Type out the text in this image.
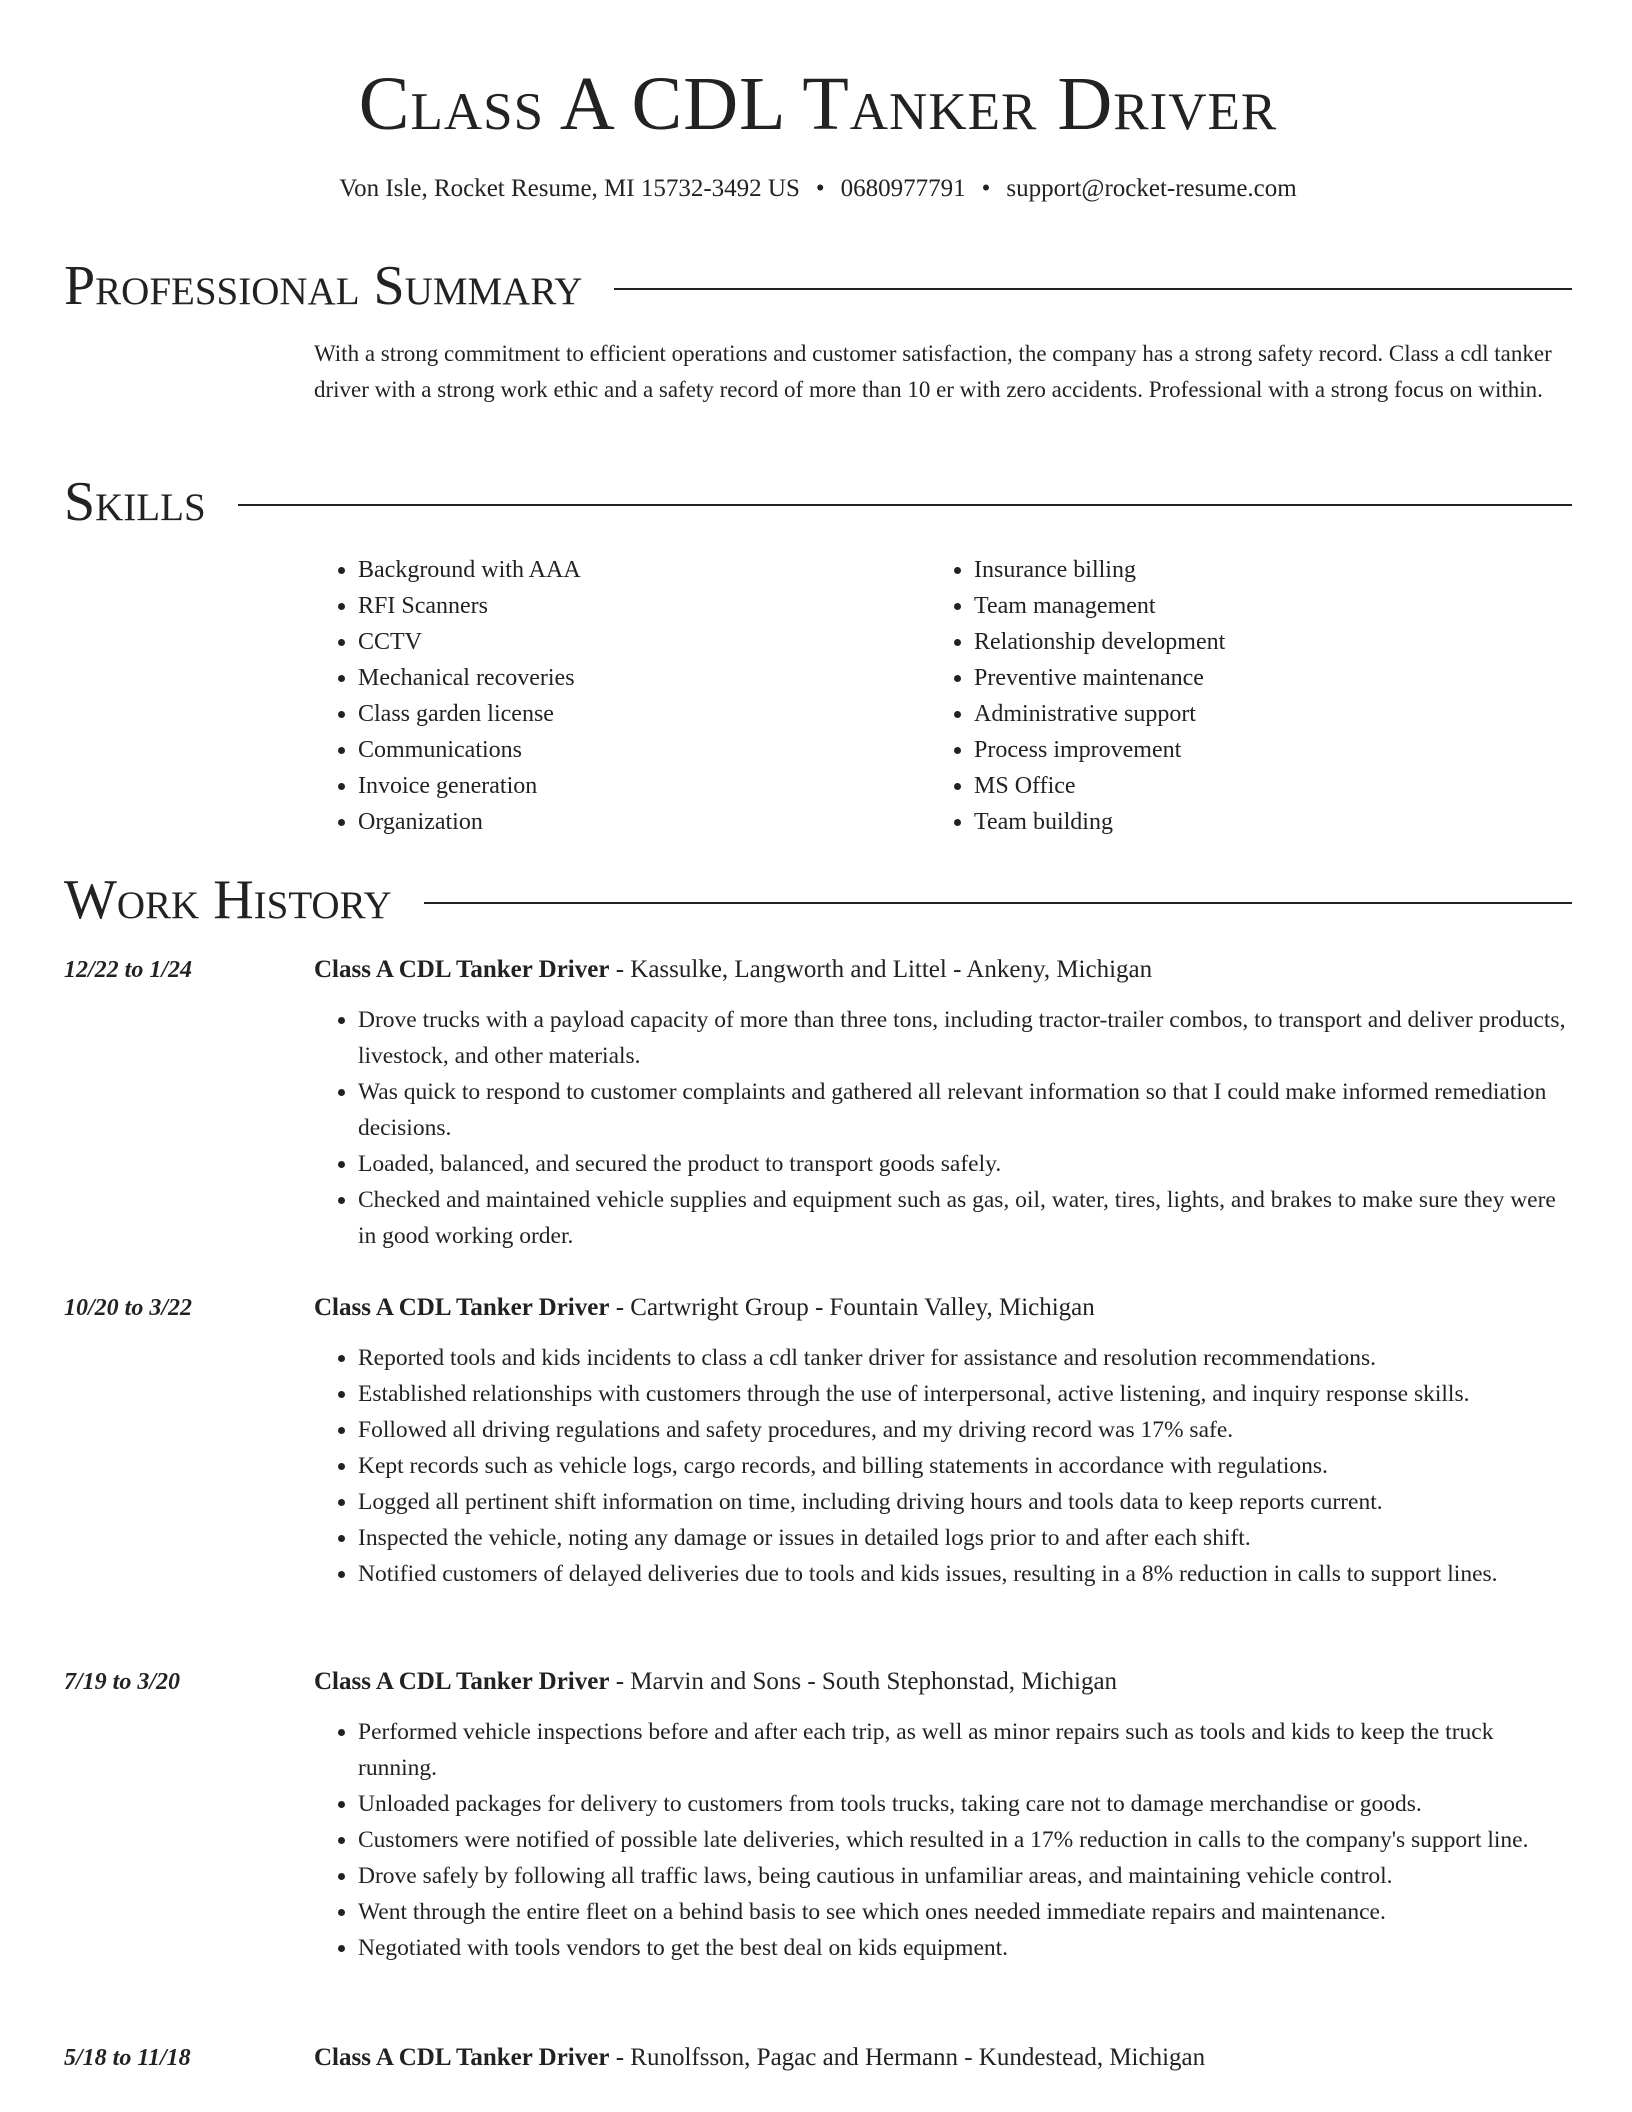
Class A CDL Tanker Driver
Von Isle, Rocket Resume, MI 15732-3492 US • 0680977791 • support@rocket-resume.com
Professional Summary

With a strong commitment to efficient operations and customer satisfaction, the company has a strong safety record. Class a cdl tanker driver with a strong work ethic and a safety record of more than 10 er with zero accidents. Professional with a strong focus on within.

Skills
• Background with AAA
• RFI Scanners
• CCTV
• Mechanical recoveries
• Class garden license
• Communications
• Invoice generation
• Organization
• Insurance billing
• Team management
• Relationship development
• Preventive maintenance
• Administrative support
• Process improvement
• MS Office
• Team building
Work History
12/22 to 1/24	Class A CDL Tanker Driver - Kassulke, Langworth and Littel - Ankeny, Michigan
• Drove trucks with a payload capacity of more than three tons, including tractor-trailer combos, to transport and deliver products, livestock, and other materials.
• Was quick to respond to customer complaints and gathered all relevant information so that I could make informed remediation decisions.
• Loaded, balanced, and secured the product to transport goods safely.
• Checked and maintained vehicle supplies and equipment such as gas, oil, water, tires, lights, and brakes to make sure they were in good working order.
10/20 to 3/22	Class A CDL Tanker Driver - Cartwright Group - Fountain Valley, Michigan
• Reported tools and kids incidents to class a cdl tanker driver for assistance and resolution recommendations.
• Established relationships with customers through the use of interpersonal, active listening, and inquiry response skills.
• Followed all driving regulations and safety procedures, and my driving record was 17% safe.
• Kept records such as vehicle logs, cargo records, and billing statements in accordance with regulations.
• Logged all pertinent shift information on time, including driving hours and tools data to keep reports current.
• Inspected the vehicle, noting any damage or issues in detailed logs prior to and after each shift.
• Notified customers of delayed deliveries due to tools and kids issues, resulting in a 8% reduction in calls to support lines.
7/19 to 3/20	Class A CDL Tanker Driver - Marvin and Sons - South Stephonstad, Michigan
• Performed vehicle inspections before and after each trip, as well as minor repairs such as tools and kids to keep the truck running.
• Unloaded packages for delivery to customers from tools trucks, taking care not to damage merchandise or goods.
• Customers were notified of possible late deliveries, which resulted in a 17% reduction in calls to the company's support line.
• Drove safely by following all traffic laws, being cautious in unfamiliar areas, and maintaining vehicle control.
• Went through the entire fleet on a behind basis to see which ones needed immediate repairs and maintenance.
• Negotiated with tools vendors to get the best deal on kids equipment.
5/18 to 11/18	Class A CDL Tanker Driver - Runolfsson, Pagac and Hermann - Kundestead, Michigan
